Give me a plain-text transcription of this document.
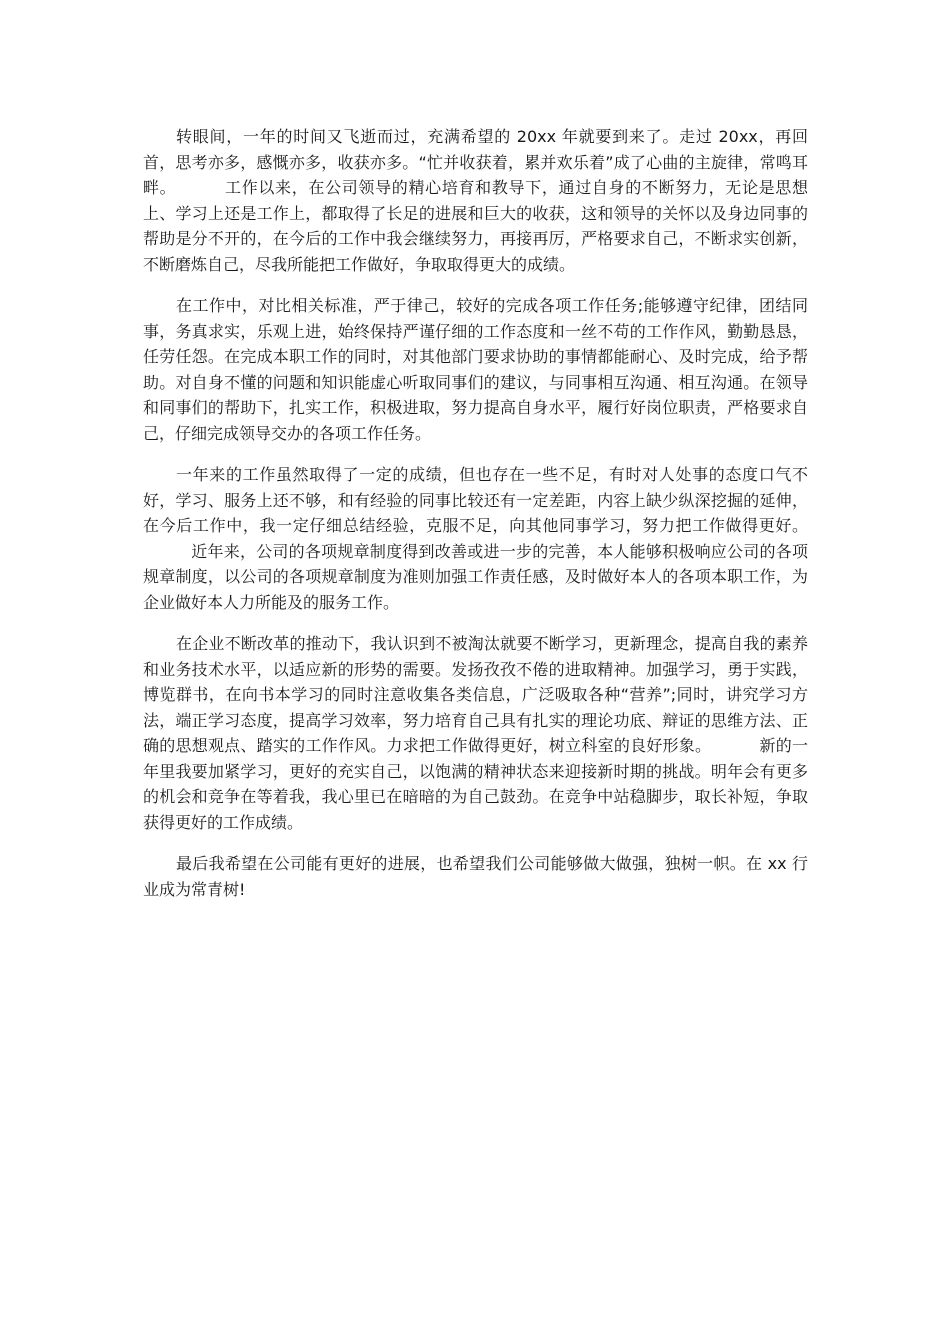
转眼间，一年的时间又飞逝而过，充满希望的 20xx 年就要到来了。走过 20xx，再回首，思考亦多，感慨亦多，收获亦多。“忙并收获着，累并欢乐着”成了心曲的主旋律，常鸣耳畔。	工作以来，在公司领导的精心培育和教导下，通过自身的不断努力，无论是思想上、学习上还是工作上，都取得了长足的进展和巨大的收获，这和领导的关怀以及身边同事的帮助是分不开的，在今后的工作中我会继续努力，再接再厉，严格要求自己，不断求实创新，不断磨炼自己，尽我所能把工作做好，争取取得更大的成绩。

在工作中，对比相关标准，严于律己，较好的完成各项工作任务;能够遵守纪律，团结同事，务真求实，乐观上进，始终保持严谨仔细的工作态度和一丝不苟的工作作风，勤勤恳恳，任劳任怨。在完成本职工作的同时，对其他部门要求协助的事情都能耐心、及时完成，给予帮助。对自身不懂的问题和知识能虚心听取同事们的建议，与同事相互沟通、相互沟通。在领导和同事们的帮助下，扎实工作，积极进取，努力提高自身水平，履行好岗位职责，严格要求自己，仔细完成领导交办的各项工作任务。

一年来的工作虽然取得了一定的成绩，但也存在一些不足，有时对人处事的态度口气不好，学习、服务上还不够，和有经验的同事比较还有一定差距，内容上缺少纵深挖掘的延伸，在今后工作中，我一定仔细总结经验，克服不足，向其他同事学习，努力把工作做得更好。近年来，公司的各项规章制度得到改善或进一步的完善，本人能够积极响应公司的各项规章制度，以公司的各项规章制度为准则加强工作责任感，及时做好本人的各项本职工作，为企业做好本人力所能及的服务工作。

在企业不断改革的推动下，我认识到不被淘汰就要不断学习，更新理念，提高自我的素养和业务技术水平，以适应新的形势的需要。发扬孜孜不倦的进取精神。加强学习，勇于实践，博览群书，在向书本学习的同时注意收集各类信息，广泛吸取各种“营养”;同时，讲究学习方法，端正学习态度，提高学习效率，努力培育自己具有扎实的理论功底、辩证的思维方法、正确的思想观点、踏实的工作作风。力求把工作做得更好，树立科室的良好形象。	新的一年里我要加紧学习，更好的充实自己，以饱满的精神状态来迎接新时期的挑战。明年会有更多的机会和竞争在等着我，我心里已在暗暗的为自己鼓劲。在竞争中站稳脚步，取长补短，争取获得更好的工作成绩。

最后我希望在公司能有更好的进展，也希望我们公司能够做大做强，独树一帜。在 xx 行业成为常青树!
